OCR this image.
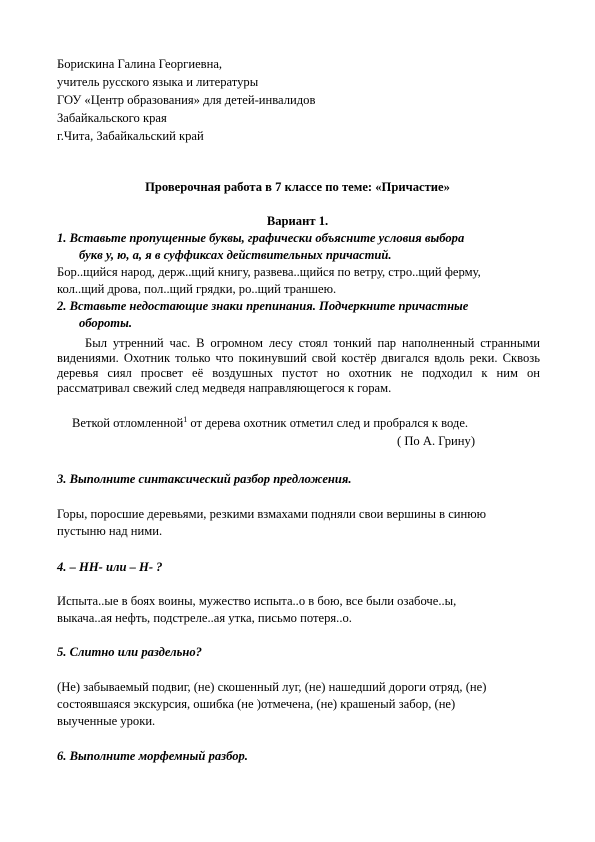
Борискина Галина Георгиевна,
учитель русского языка и литературы
ГОУ «Центр образования» для детей-инвалидов
Забайкальского края
г.Чита, Забайкальский край
Проверочная работа в 7 классе по теме: «Причастие»
Вариант 1.
1. Вставьте пропущенные буквы, графически объясните условия выбора
букв у, ю, а, я в суффиксах действительных причастий.
Бор..щийся народ, держ..щий книгу, развева..щийся по ветру, стро..щий ферму,
кол..щий дрова, пол..щий грядки, ро..щий траншею.
2. Вставьте недостающие знаки препинания. Подчеркните причастные
обороты.
Был утренний час. В огромном лесу стоял тонкий пар наполненный странными видениями. Охотник только что покинувший свой костёр двигался вдоль реки. Сквозь деревья сиял просвет её воздушных пустот но охотник не подходил к ним он рассматривал свежий след медведя направляющегося к горам.
Веткой отломленной$^1$ от дерева охотник отметил след и пробрался к воде.
( По А. Грину)
3. Выполните синтаксический разбор предложения.
Горы, поросшие деревьями, резкими взмахами подняли свои вершины в синюю
пустыню над ними.
4. – НН- или – Н- ?
Испыта..ые в боях воины, мужество испыта..о в бою, все были озабоче..ы,
выкача..ая нефть, подстреле..ая утка, письмо потеря..о.
5. Слитно или раздельно?
(Не) забываемый подвиг, (не) скошенный луг, (не) нашедший дороги отряд, (не)
состоявшаяся экскурсия, ошибка (не )отмечена, (не) крашеный забор, (не)
выученные уроки.
6. Выполните морфемный разбор.
